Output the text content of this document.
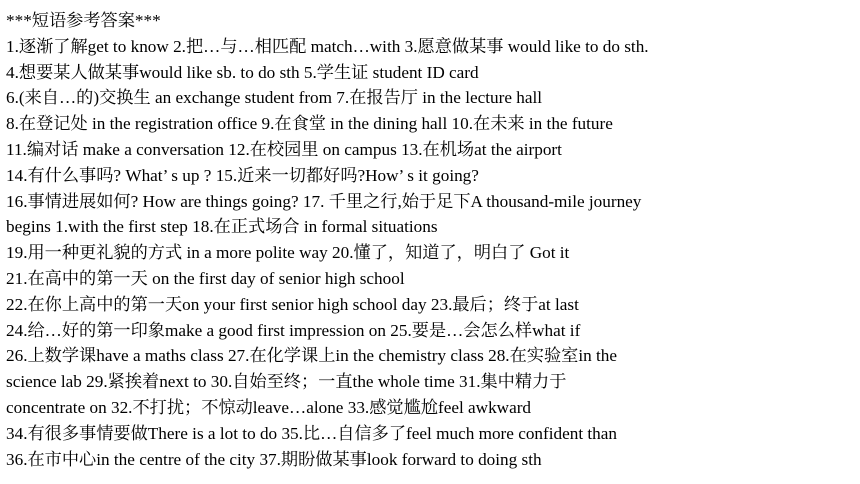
***短语参考答案***
1.逐渐了解get to know 2.把…与…相匹配 match…with 3.愿意做某事 would like to do sth.
4.想要某人做某事would like sb. to do sth 5.学生证 student ID card
6.(来自…的)交换生 an exchange student from 7.在报告厅 in the lecture hall
8.在登记处 in the registration office 9.在食堂 in the dining hall 10.在未来 in the future
11.编对话 make a conversation 12.在校园里 on campus 13.在机场at the airport
14.有什么事吗? What’ s up ? 15.近来一切都好吗?How’ s it going?
16.事情进展如何? How are things going? 17. 千里之行,始于足下A thousand-mile journey
begins 1.with the first step 18.在正式场合 in formal situations
19.用一种更礼貌的方式 in a more polite way 20.懂了，知道了，明白了 Got it
21.在高中的第一天 on the first day of senior high school
22.在你上高中的第一天on your first senior high school day 23.最后；终于at last
24.给…好的第一印象make a good first impression on 25.要是…会怎么样what if
26.上数学课have a maths class 27.在化学课上in the chemistry class 28.在实验室in the
science lab 29.紧挨着next to 30.自始至终；一直the whole time 31.集中精力于
concentrate on 32.不打扰；不惊动leave…alone 33.感觉尴尬feel awkward
34.有很多事情要做There is a lot to do 35.比…自信多了feel much more confident than
36.在市中心in the centre of the city 37.期盼做某事look forward to doing sth
